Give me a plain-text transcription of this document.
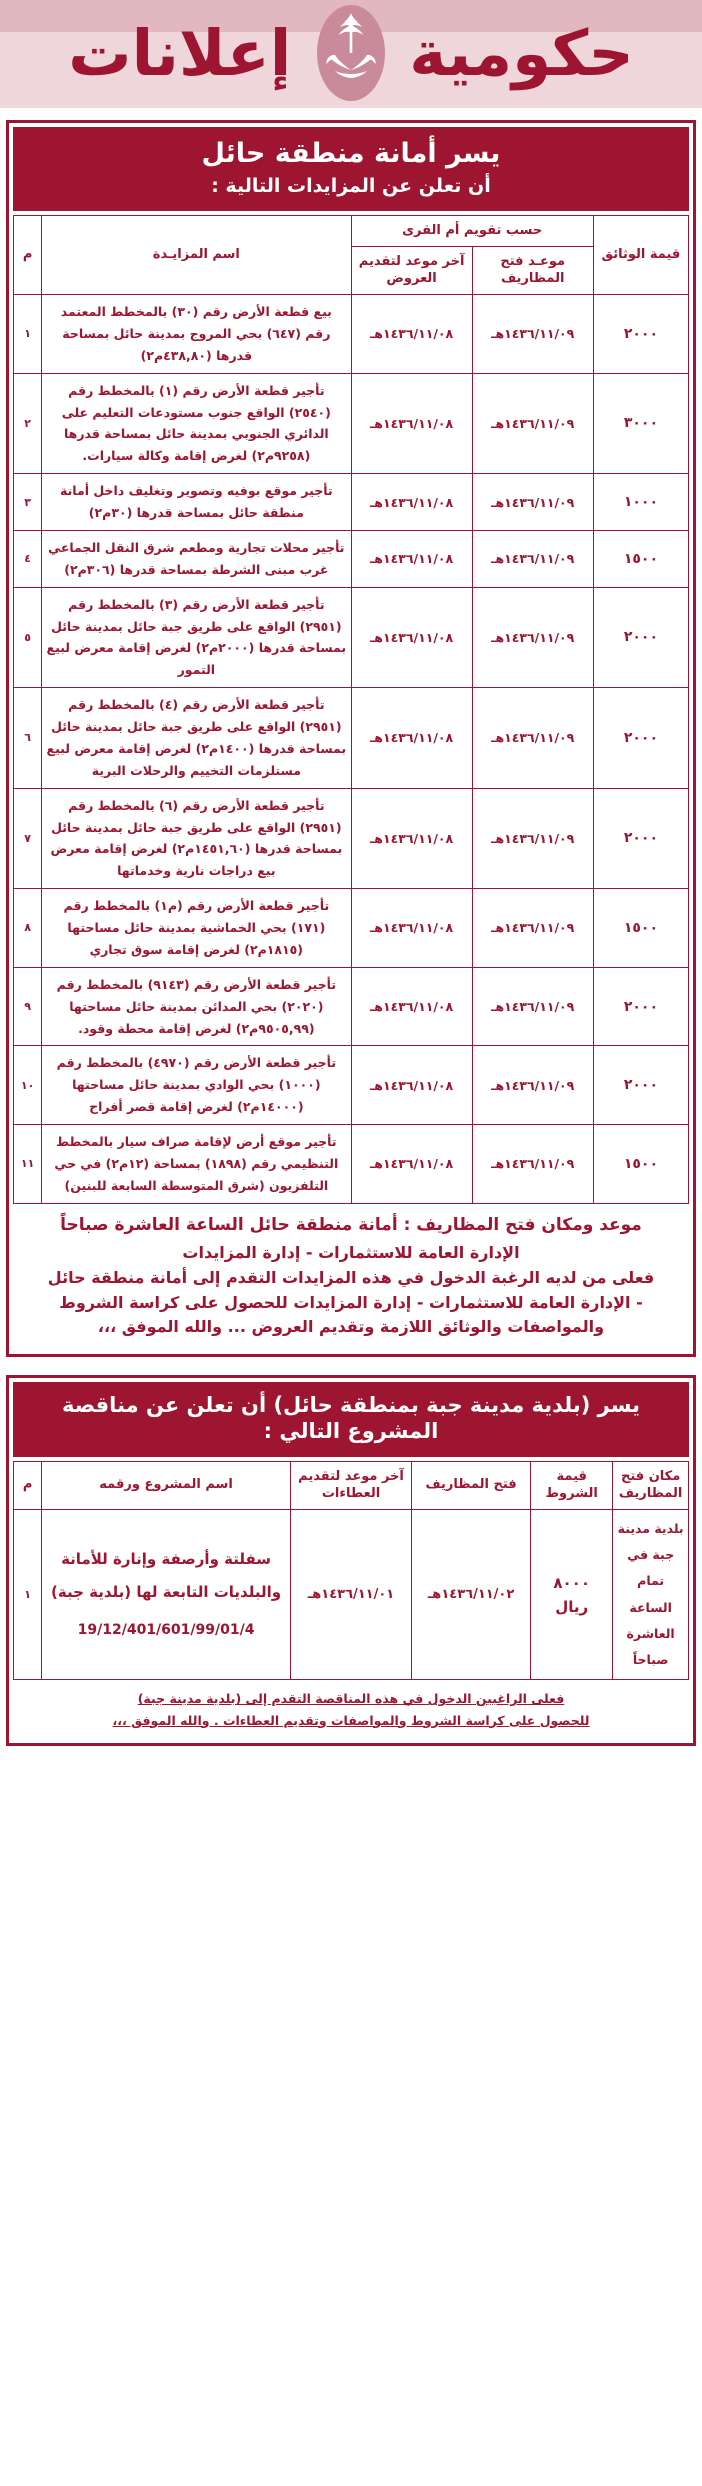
حكومية  إعلانات
يسر أمانة منطقة حائل
أن تعلن عن المزايدات التالية :
قيمة الوثائق	حسب تقويم أم القرى		اسم المزايـدة	م
	موعـد فتح المظاريف	آخر موعد لتقديم العروض		
٢٠٠٠	١٤٣٦/١١/٠٩هـ	١٤٣٦/١١/٠٨هـ	بيع قطعة الأرض رقم (٣٠) بالمخطط المعتمد رقم (٦٤٧) بحي المروج بمدينة حائل بمساحة قدرها (٤٣٨,٨٠م٢)	١
٣٠٠٠	١٤٣٦/١١/٠٩هـ	١٤٣٦/١١/٠٨هـ	تأجير قطعة الأرض رقم (١) بالمخطط رقم (٢٥٤٠) الواقع جنوب مستودعات التعليم على الدائري الجنوبي بمدينة حائل بمساحة قدرها (٩٢٥٨م٢) لغرض إقامة وكالة سيارات.	٢
١٠٠٠	١٤٣٦/١١/٠٩هـ	١٤٣٦/١١/٠٨هـ	تأجير موقع بوفيه وتصوير وتغليف داخل أمانة منطقة حائل بمساحة قدرها (٣٠م٢)	٣
١٥٠٠	١٤٣٦/١١/٠٩هـ	١٤٣٦/١١/٠٨هـ	تأجير محلات تجارية ومطعم شرق النقل الجماعي غرب مبنى الشرطة بمساحة قدرها (٣٠٦م٢)	٤
٢٠٠٠	١٤٣٦/١١/٠٩هـ	١٤٣٦/١١/٠٨هـ	تأجير قطعة الأرض رقم (٣) بالمخطط رقم (٢٩٥١) الواقع على طريق جبة حائل بمدينة حائل بمساحة قدرها (٢٠٠٠م٢) لغرض إقامة معرض لبيع التمور	٥
٢٠٠٠	١٤٣٦/١١/٠٩هـ	١٤٣٦/١١/٠٨هـ	تأجير قطعة الأرض رقم (٤) بالمخطط رقم (٢٩٥١) الواقع على طريق جبة حائل بمدينة حائل بمساحة قدرها (١٤٠٠م٢) لغرض إقامة معرض لبيع مستلزمات التخييم والرحلات البرية	٦
٢٠٠٠	١٤٣٦/١١/٠٩هـ	١٤٣٦/١١/٠٨هـ	تأجير قطعة الأرض رقم (٦) بالمخطط رقم (٢٩٥١) الواقع على طريق جبة حائل بمدينة حائل بمساحة قدرها (١٤٥١,٦٠م٢) لغرض إقامة معرض بيع دراجات نارية وخدماتها	٧
١٥٠٠	١٤٣٦/١١/٠٩هـ	١٤٣٦/١١/٠٨هـ	تأجير قطعة الأرض رقم (م١) بالمخطط رقم (١٧١) بحي الخماشية بمدينة حائل مساحتها (١٨١٥م٢) لغرض إقامة سوق تجاري	٨
٢٠٠٠	١٤٣٦/١١/٠٩هـ	١٤٣٦/١١/٠٨هـ	تأجير قطعة الأرض رقم (٩١٤٣) بالمخطط رقم (٢٠٢٠) بحي المدائن بمدينة حائل مساحتها (٩٥٠٥,٩٩م٢) لغرض إقامة محطة وقود.	٩
٢٠٠٠	١٤٣٦/١١/٠٩هـ	١٤٣٦/١١/٠٨هـ	تأجير قطعة الأرض رقم (٤٩٧٠) بالمخطط رقم (١٠٠٠) بحي الوادي بمدينة حائل مساحتها (١٤٠٠٠م٢) لغرض إقامة قصر أفراح	١٠
١٥٠٠	١٤٣٦/١١/٠٩هـ	١٤٣٦/١١/٠٨هـ	تأجير موقع أرض لإقامة صراف سيار بالمخطط التنظيمي رقم (١٨٩٨) بمساحة (١٢م٢) في حي التلفزيون (شرق المتوسطة السابعة للبنين)	١١
موعد ومكان فتح المظاريف : أمانة منطقة حائل الساعة العاشرة صباحاً
الإدارة العامة للاستثمارات - إدارة المزايدات
فعلى من لديه الرغبة الدخول في هذه المزايدات التقدم إلى أمانة منطقة حائل
- الإدارة العامة للاستثمارات - إدارة المزايدات للحصول على كراسة الشروط
والمواصفات والوثائق اللازمة وتقديم العروض ... والله الموفق ،،،
يسر (بلدية مدينة جبة بمنطقة حائل) أن تعلن عن مناقصة المشروع التالي :
مكان فتح المظاريف	قيمة الشروط	فتح المظاريف	آخر موعد لتقديم العطاءات	اسم المشروع ورقمه	م
بلدية مدينة جبة في تمام الساعة العاشرة صباحاً	٨٠٠٠ ريال	١٤٣٦/١١/٠٢هـ	١٤٣٦/١١/٠١هـ	سفلتة وأرصفة وإنارة للأمانة والبلديات التابعة لها (بلدية جبة)
19/12/401/601/99/01/4	١
فعلى الراغبين الدخول في هذه المناقصة التقدم إلى (بلدية مدينة جبة)
للحصول على كراسة الشروط والمواصفات وتقديم العطاءات . والله الموفق ،،،
